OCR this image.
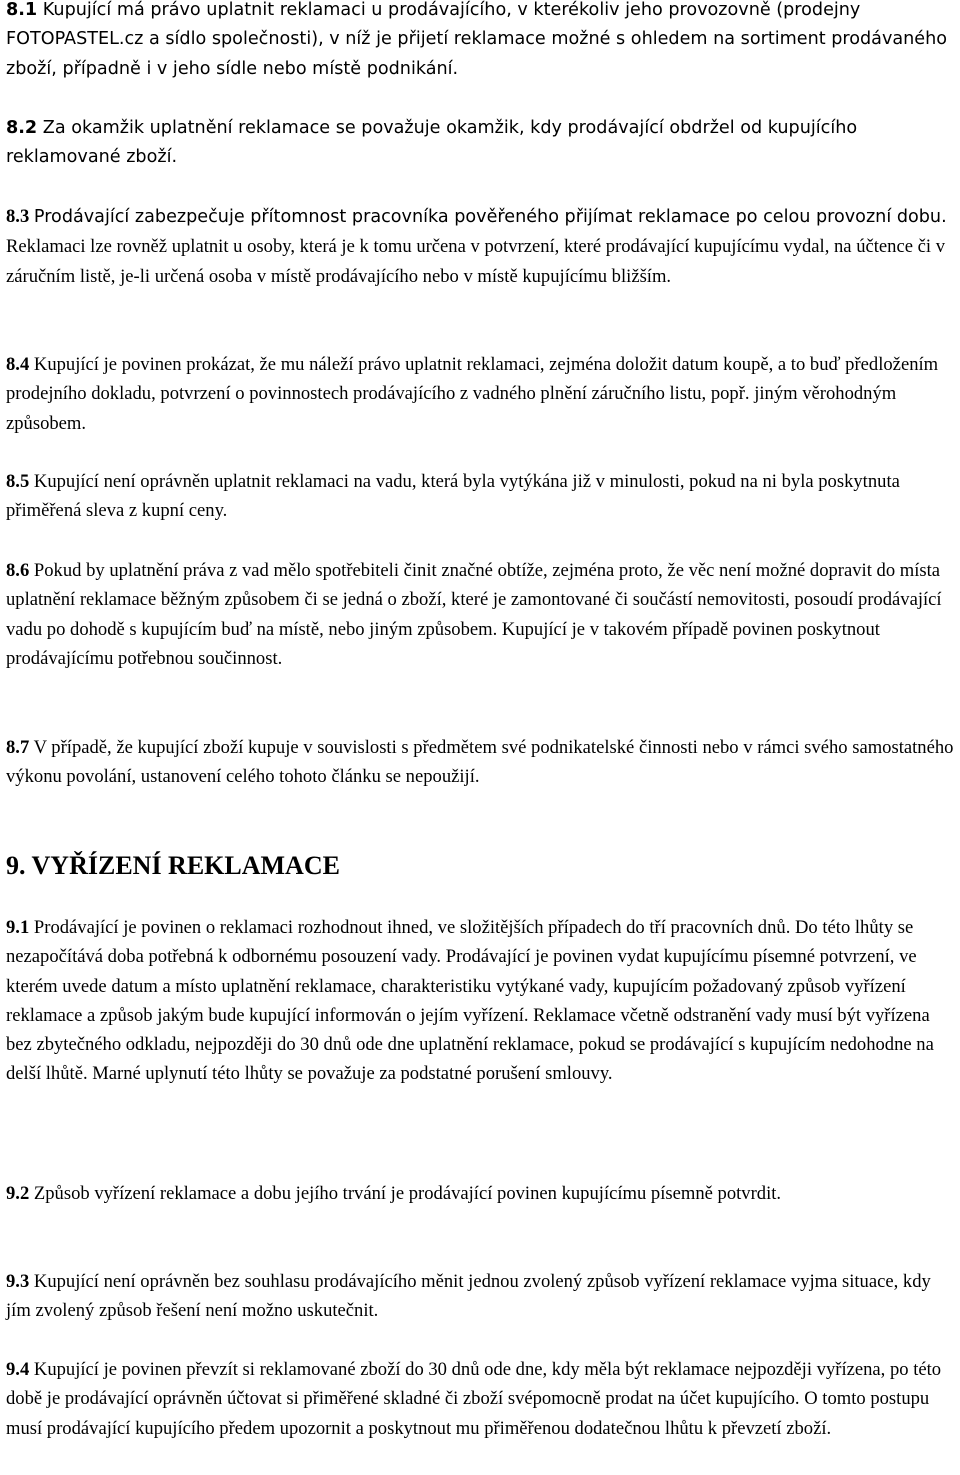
8.1 Kupující má právo uplatnit reklamaci u prodávajícího, v kterékoliv jeho provozovně (prodejny FOTOPASTEL.cz a sídlo společnosti), v níž je přijetí reklamace možné s ohledem na sortiment prodávaného zboží, případně i v jeho sídle nebo místě podnikání.

8.2 Za okamžik uplatnění reklamace se považuje okamžik, kdy prodávající obdržel od kupujícího reklamované zboží.

8.3 Prodávající zabezpečuje přítomnost pracovníka pověřeného přijímat reklamace po celou provozní dobu. Reklamaci lze rovněž uplatnit u osoby, která je k tomu určena v potvrzení, které prodávající kupujícímu vydal, na účtence či v záručním listě, je-li určená osoba v místě prodávajícího nebo v místě kupujícímu bližším.

8.4 Kupující je povinen prokázat, že mu náleží právo uplatnit reklamaci, zejména doložit datum koupě, a to buď předložením prodejního dokladu, potvrzení o povinnostech prodávajícího z vadného plnění záručního listu, popř. jiným věrohodným způsobem.

8.5 Kupující není oprávněn uplatnit reklamaci na vadu, která byla vytýkána již v minulosti, pokud na ni byla poskytnuta přiměřená sleva z kupní ceny.

8.6 Pokud by uplatnění práva z vad mělo spotřebiteli činit značné obtíže, zejména proto, že věc není možné dopravit do místa uplatnění reklamace běžným způsobem či se jedná o zboží, které je zamontované či součástí nemovitosti, posoudí prodávající vadu po dohodě s kupujícím buď na místě, nebo jiným způsobem. Kupující je v takovém případě povinen poskytnout prodávajícímu potřebnou součinnost.

8.7 V případě, že kupující zboží kupuje v souvislosti s předmětem své podnikatelské činnosti nebo v rámci svého samostatného výkonu povolání, ustanovení celého tohoto článku se nepoužijí.

9. VYŘÍZENÍ REKLAMACE

9.1 Prodávající je povinen o reklamaci rozhodnout ihned, ve složitějších případech do tří pracovních dnů. Do této lhůty se nezapočítává doba potřebná k odbornému posouzení vady. Prodávající je povinen vydat kupujícímu písemné potvrzení, ve kterém uvede datum a místo uplatnění reklamace, charakteristiku vytýkané vady, kupujícím požadovaný způsob vyřízení reklamace a způsob jakým bude kupující informován o jejím vyřízení. Reklamace včetně odstranění vady musí být vyřízena bez zbytečného odkladu, nejpozději do 30 dnů ode dne uplatnění reklamace, pokud se prodávající s kupujícím nedohodne na delší lhůtě. Marné uplynutí této lhůty se považuje za podstatné porušení smlouvy.

9.2 Způsob vyřízení reklamace a dobu jejího trvání je prodávající povinen kupujícímu písemně potvrdit.

9.3 Kupující není oprávněn bez souhlasu prodávajícího měnit jednou zvolený způsob vyřízení reklamace vyjma situace, kdy jím zvolený způsob řešení není možno uskutečnit.

9.4 Kupující je povinen převzít si reklamované zboží do 30 dnů ode dne, kdy měla být reklamace nejpozději vyřízena, po této době je prodávající oprávněn účtovat si přiměřené skladné či zboží svépomocně prodat na účet kupujícího. O tomto postupu musí prodávající kupujícího předem upozornit a poskytnout mu přiměřenou dodatečnou lhůtu k převzetí zboží.
